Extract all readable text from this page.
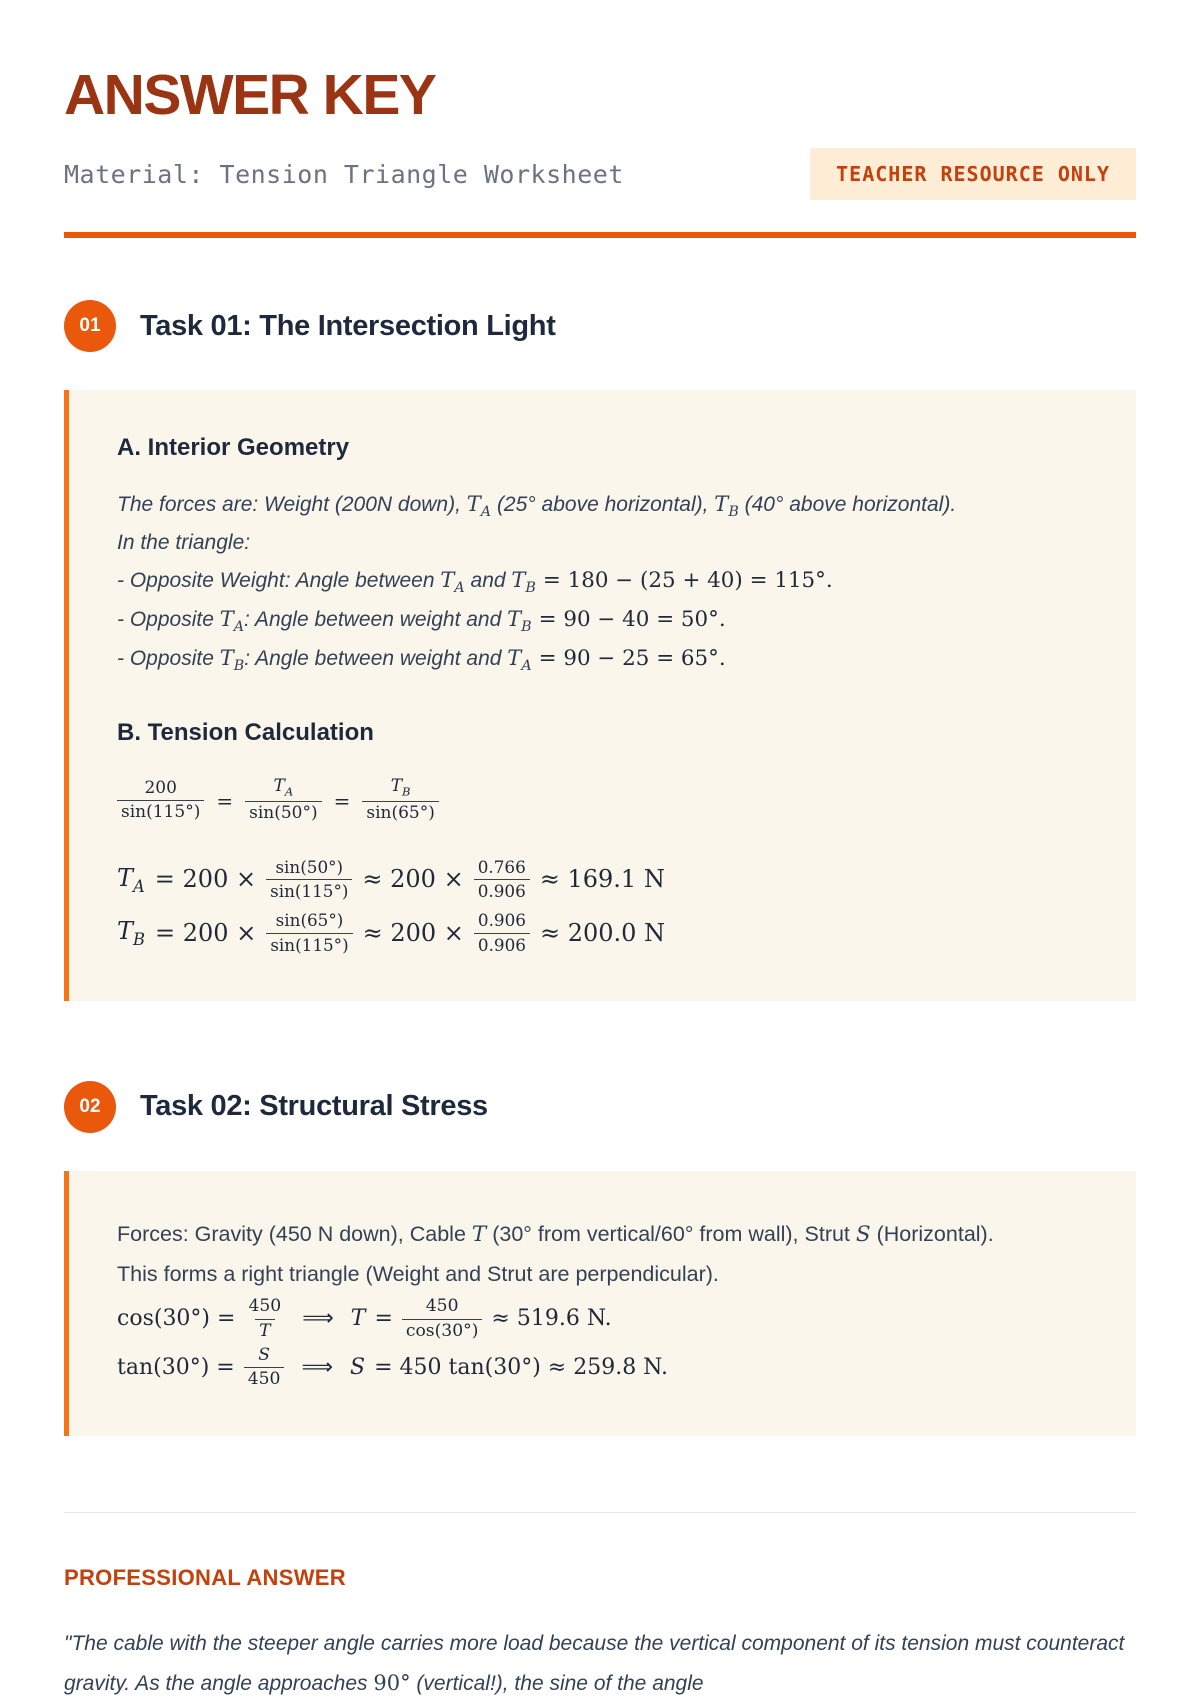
ANSWER KEY
Material: Tension Triangle Worksheet	TEACHER RESOURCE ONLY
01	Task 01: The Intersection Light
A. Interior Geometry
The forces are: Weight (200N down), $T_A$ (25° above horizontal), $T_B$ (40° above horizontal).
In the triangle:
- Opposite Weight: Angle between $T_A$ and $T_B = 180 - (25 + 40) = 115^\circ$.
- Opposite $T_A$: Angle between weight and $T_B = 90 - 40 = 50^\circ$.
- Opposite $T_B$: Angle between weight and $T_A = 90 - 25 = 65^\circ$.
B. Tension Calculation
$\frac{200}{\sin(115^\circ)} = \frac{T_A}{\sin(50^\circ)} = \frac{T_B}{\sin(65^\circ)}$
$T_A = 200 \times \frac{\sin(50^\circ)}{\sin(115^\circ)} \approx 200 \times \frac{0.766}{0.906} \approx 169.1$ N
$T_B = 200 \times \frac{\sin(65^\circ)}{\sin(115^\circ)} \approx 200 \times \frac{0.906}{0.906} \approx 200.0$ N
02	Task 02: Structural Stress
Forces: Gravity (450 N down), Cable T (30° from vertical/60° from wall), Strut S (Horizontal).
This forms a right triangle (Weight and Strut are perpendicular).
$\cos(30^\circ) = \frac{450}{T}$ ⟹ $T = \frac{450}{\cos(30^\circ)} \approx 519.6$ N.
$\tan(30^\circ) = \frac{S}{450}$ ⟹ S = 450 tan(30°) ≈ 259.8 N.
PROFESSIONAL ANSWER

"The cable with the steeper angle carries more load because the vertical component of its tension must counteract gravity. As the angle approaches 90° (vertical!), the sine of the angle
